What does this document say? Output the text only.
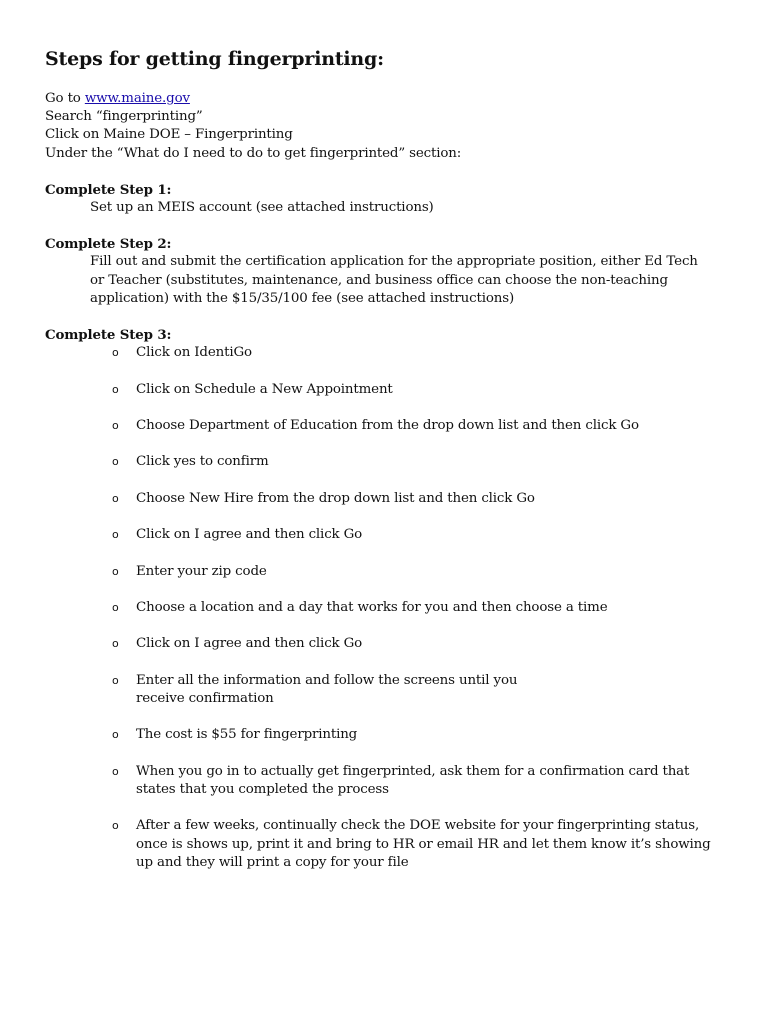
Steps for getting fingerprinting:

Go to www.maine.gov

Search “fingerprinting”

Click on Maine DOE – Fingerprinting

Under the “What do I need to do to get fingerprinted” section:

Complete Step 1:
Set up an MEIS account (see attached instructions)
Complete Step 2:
Fill out and submit the certification application for the appropriate position, either Ed Tech or Teacher (substitutes, maintenance, and business office can choose the non-teaching application) with the $15/35/100 fee (see attached instructions)
Complete Step 3:
o Click on IdentiGo
o Click on Schedule a New Appointment
o Choose Department of Education from the drop down list and then click Go
o Click yes to confirm
o Choose New Hire from the drop down list and then click Go
o Click on I agree and then click Go
o Enter your zip code
o Choose a location and a day that works for you and then choose a time
o Click on I agree and then click Go
o Enter all the information and follow the screens until you receive confirmation
o The cost is $55 for fingerprinting
o When you go in to actually get fingerprinted, ask them for a confirmation card that states that you completed the process
o After a few weeks, continually check the DOE website for your fingerprinting status, once is shows up, print it and bring to HR or email HR and let them know it’s showing up and they will print a copy for your file
